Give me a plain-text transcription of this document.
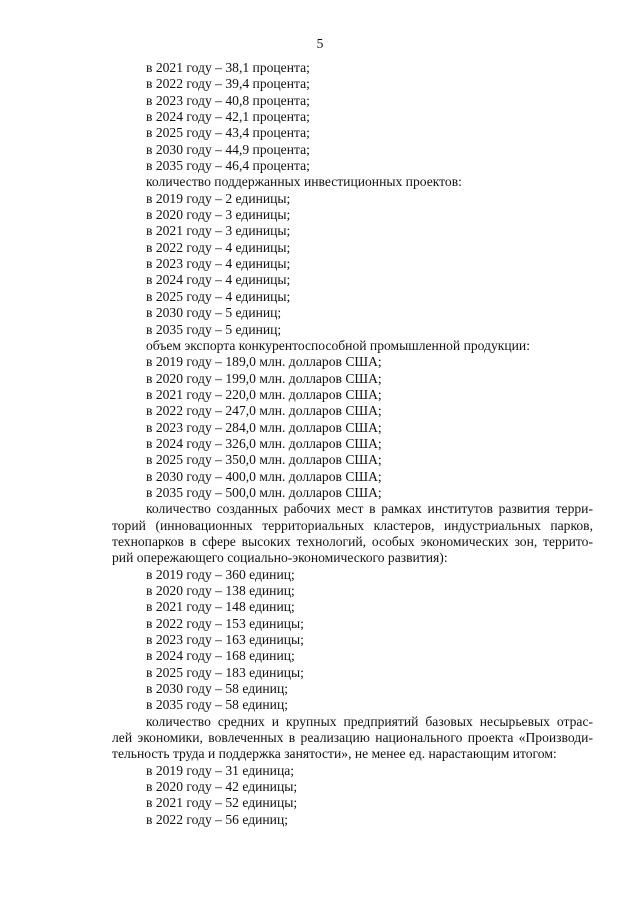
5
в 2021 году – 38,1 процента;
в 2022 году – 39,4 процента;
в 2023 году – 40,8 процента;
в 2024 году – 42,1 процента;
в 2025 году – 43,4 процента;
в 2030 году – 44,9 процента;
в 2035 году – 46,4 процента;
количество поддержанных инвестиционных проектов:
в 2019 году – 2 единицы;
в 2020 году – 3 единицы;
в 2021 году – 3 единицы;
в 2022 году – 4 единицы;
в 2023 году – 4 единицы;
в 2024 году – 4 единицы;
в 2025 году – 4 единицы;
в 2030 году – 5 единиц;
в 2035 году – 5 единиц;
объем экспорта конкурентоспособной промышленной продукции:
в 2019 году – 189,0 млн. долларов США;
в 2020 году – 199,0 млн. долларов США;
в 2021 году – 220,0 млн. долларов США;
в 2022 году – 247,0 млн. долларов США;
в 2023 году – 284,0 млн. долларов США;
в 2024 году – 326,0 млн. долларов США;
в 2025 году – 350,0 млн. долларов США;
в 2030 году – 400,0 млн. долларов США;
в 2035 году – 500,0 млн. долларов США;
количество созданных рабочих мест в рамках институтов развития терри-
торий (инновационных территориальных кластеров, индустриальных парков,
технопарков в сфере высоких технологий, особых экономических зон, террито-
рий опережающего социально-экономического развития):
в 2019 году – 360 единиц;
в 2020 году – 138 единиц;
в 2021 году – 148 единиц;
в 2022 году – 153 единицы;
в 2023 году – 163 единицы;
в 2024 году – 168 единиц;
в 2025 году – 183 единицы;
в 2030 году – 58 единиц;
в 2035 году – 58 единиц;
количество средних и крупных предприятий базовых несырьевых отрас-
лей экономики, вовлеченных в реализацию национального проекта «Производи-
тельность труда и поддержка занятости», не менее ед. нарастающим итогом:
в 2019 году – 31 единица;
в 2020 году – 42 единицы;
в 2021 году – 52 единицы;
в 2022 году – 56 единиц;
